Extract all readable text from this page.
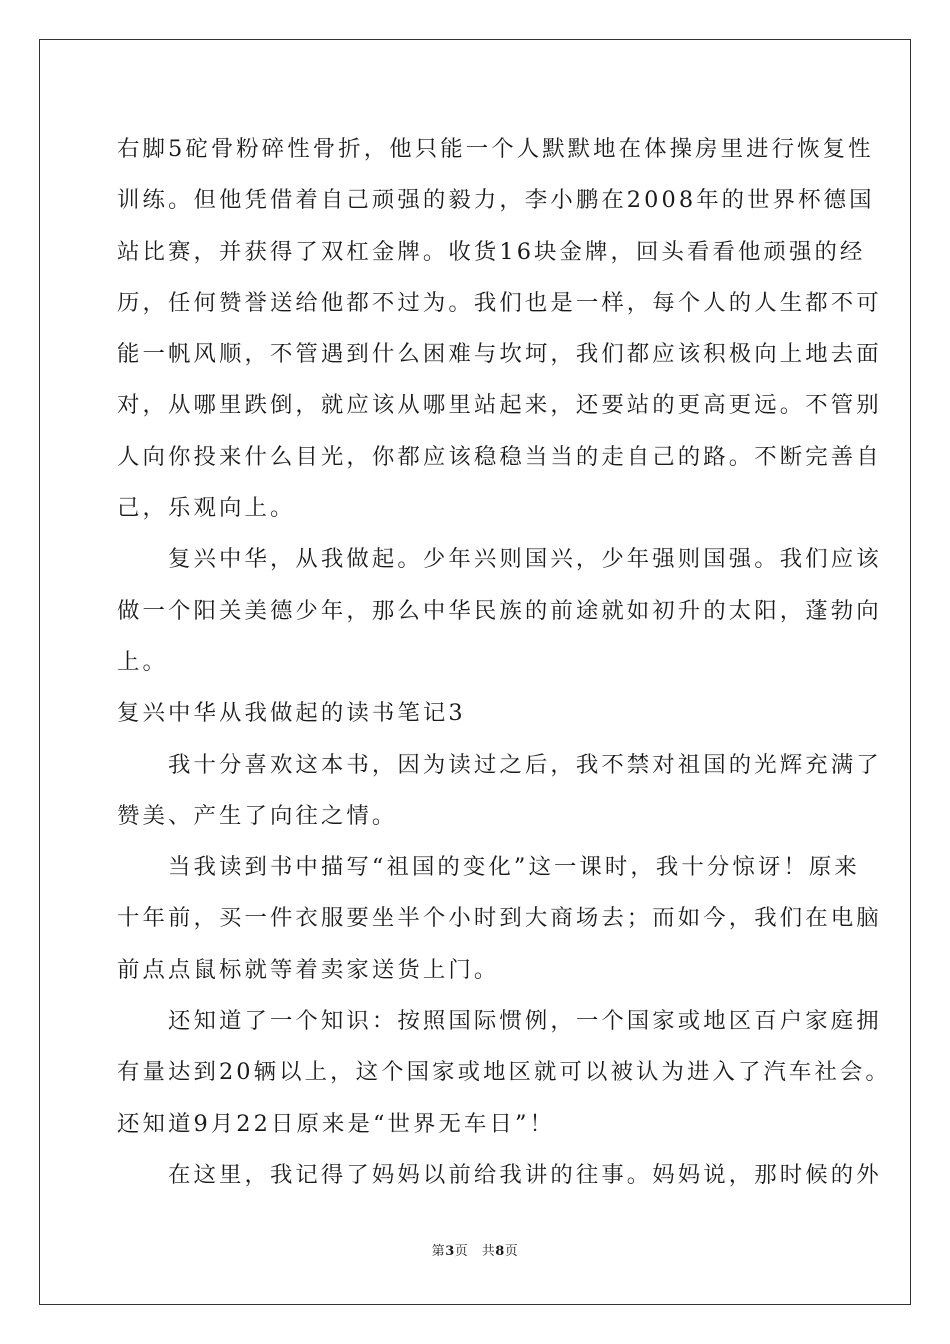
右脚5砣骨粉碎性骨折，他只能一个人默默地在体操房里进行恢复性
训练。但他凭借着自己顽强的毅力，李小鹏在2008年的世界杯德国
站比赛，并获得了双杠金牌。收货16块金牌，回头看看他顽强的经
历，任何赞誉送给他都不过为。我们也是一样，每个人的人生都不可
能一帆风顺，不管遇到什么困难与坎坷，我们都应该积极向上地去面
对，从哪里跌倒，就应该从哪里站起来，还要站的更高更远。不管别
人向你投来什么目光，你都应该稳稳当当的走自己的路。不断完善自
己，乐观向上。
　　复兴中华，从我做起。少年兴则国兴，少年强则国强。我们应该
做一个阳关美德少年，那么中华民族的前途就如初升的太阳，蓬勃向
上。
复兴中华从我做起的读书笔记3
　　我十分喜欢这本书，因为读过之后，我不禁对祖国的光辉充满了
赞美、产生了向往之情。
　　当我读到书中描写“祖国的变化”这一课时，我十分惊讶！原来
十年前，买一件衣服要坐半个小时到大商场去；而如今，我们在电脑
前点点鼠标就等着卖家送货上门。
　　还知道了一个知识：按照国际惯例，一个国家或地区百户家庭拥
有量达到20辆以上，这个国家或地区就可以被认为进入了汽车社会。
还知道9月22日原来是“世界无车日”！
　　在这里，我记得了妈妈以前给我讲的往事。妈妈说，那时候的外
第3页　共8页
